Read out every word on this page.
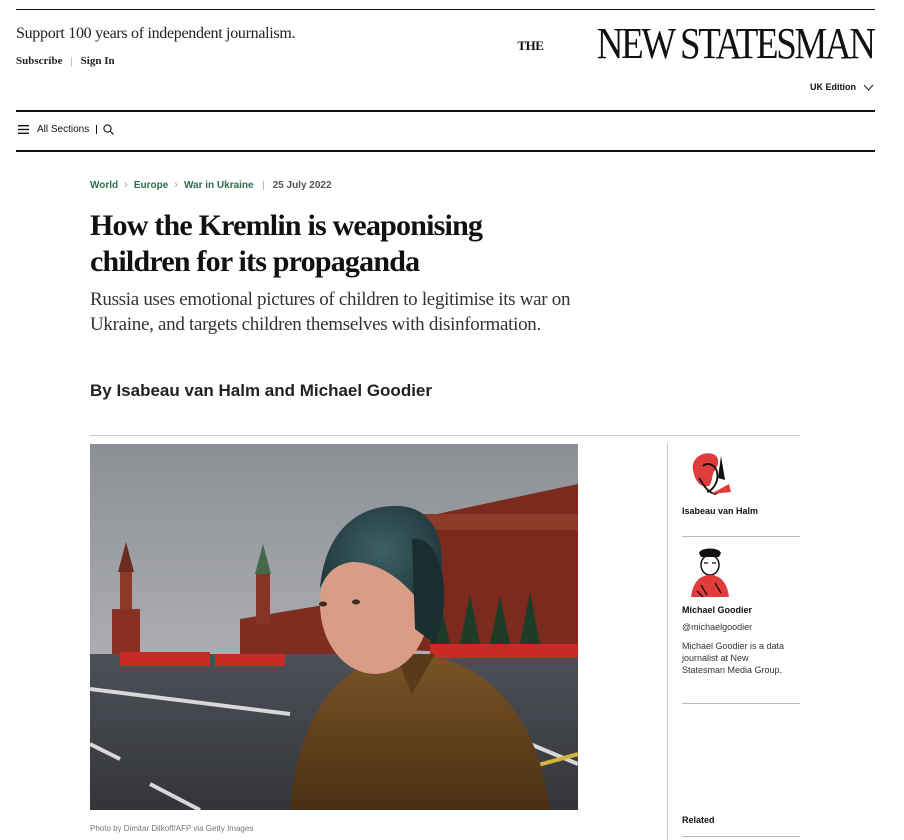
Support 100 years of independent journalism.
Subscribe | Sign In
THE NEW STATESMAN
UK Edition
All Sections
World › Europe › War in Ukraine 25 July 2022
How the Kremlin is weaponising children for its propaganda

Russia uses emotional pictures of children to legitimise its war on Ukraine, and targets children themselves with disinformation.

By Isabeau van Halm and Michael Goodier
Photo by Dimitar Dilkoff/AFP via Getty Images
Isabeau van Halm
Michael Goodier
@michaelgoodier
Michael Goodier is a data journalist at New Statesman Media Group.
Related
